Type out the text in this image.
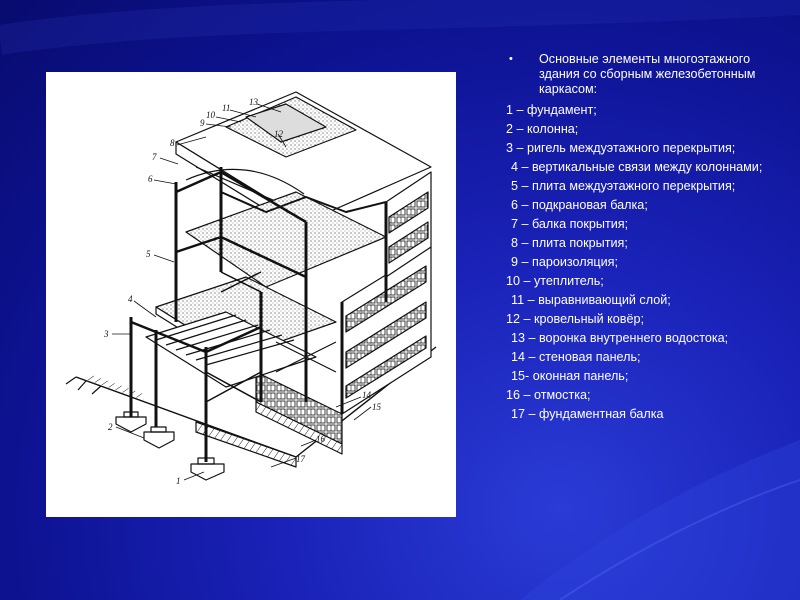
1
2
3
4
5
6
7
8
9
10
11
12
13
14
15
16
17
• Основные элементы многоэтажного здания со сборным железобетонным каркасом:
1 – фундамент;
2 – колонна;
3 – ригель междуэтажного перекрытия;
4 – вертикальные связи между колоннами;
5 – плита междуэтажного перекрытия;
6 – подкрановая балка;
7 – балка покрытия;
8 – плита покрытия;
9 – пароизоляция;
10 – утеплитель;
11 – выравнивающий слой;
12 – кровельный ковёр;
13 – воронка внутреннего водостока;
14 – стеновая панель;
15- оконная панель;
16 – отмостка;
17 – фундаментная балка
